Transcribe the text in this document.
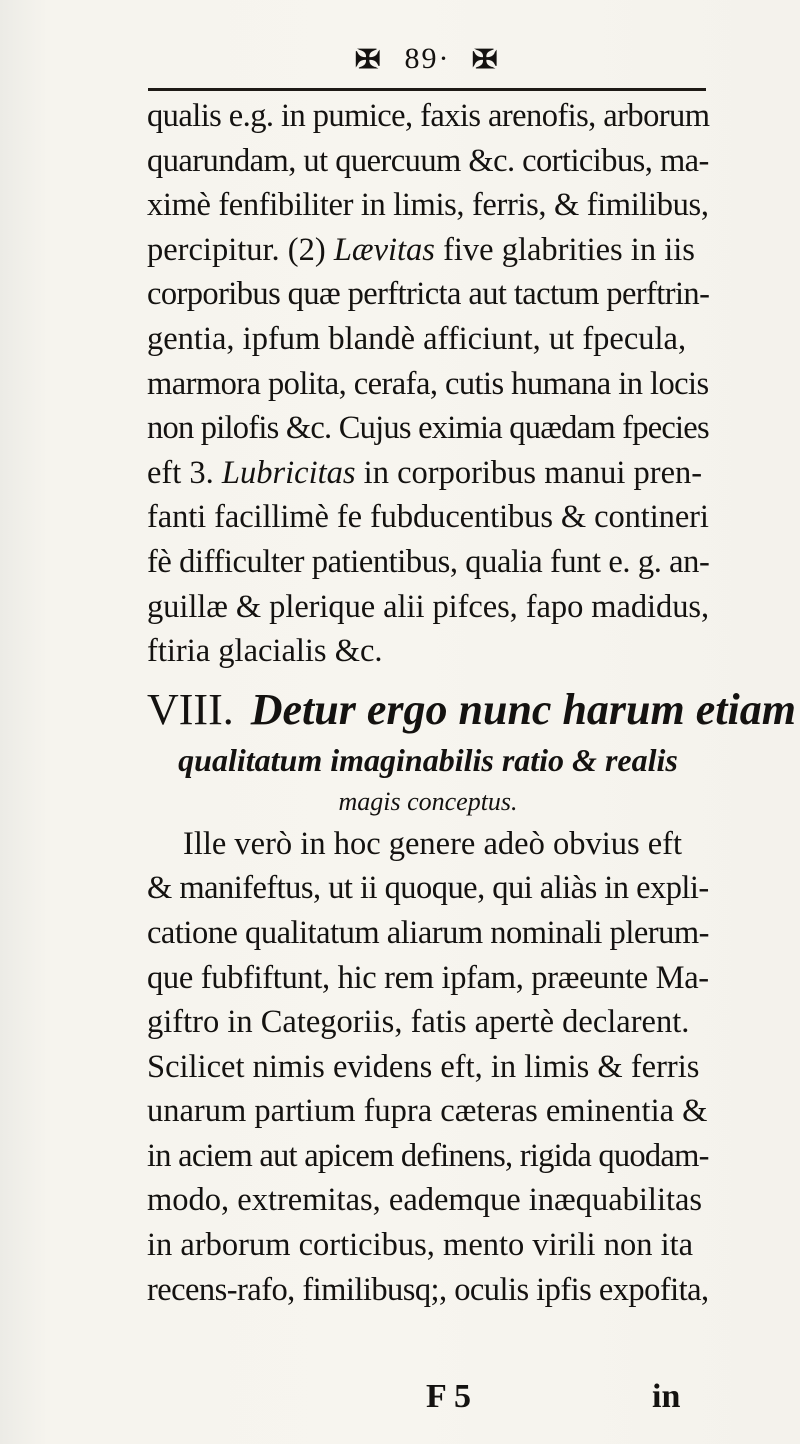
✠ 89· ✠
qualis e.g. in pumice, faxis arenofis, arborum
quarundam, ut quercuum &c. corticibus, ma-
ximè fenfibiliter in limis, ferris, & fimilibus,
percipitur. (2) Lævitas five glabrities in iis
corporibus quæ perftricta aut tactum perftrin-
gentia, ipfum blandè afficiunt, ut fpecula,
marmora polita, cerafa, cutis humana in locis
non pilofis &c. Cujus eximia quædam fpecies
eft 3. Lubricitas in corporibus manui pren-
fanti facillimè fe fubducentibus & contineri
fè difficulter patientibus, qualia funt e. g. an-
guillæ & plerique alii pifces, fapo madidus,
ftiria glacialis &c.
VIII. Detur ergo nunc harum etiam
qualitatum imaginabilis ratio & realis
magis conceptus.
Ille verò in hoc genere adeò obvius eft
& manifeftus, ut ii quoque, qui aliàs in expli-
catione qualitatum aliarum nominali plerum-
que fubfiftunt, hic rem ipfam, præeunte Ma-
giftro in Categoriis, fatis apertè declarent.
Scilicet nimis evidens eft, in limis & ferris
unarum partium fupra cæteras eminentia &
in aciem aut apicem definens, rigida quodam-
modo, extremitas, eademque inæquabilitas
in arborum corticibus, mento virili non ita
recens-rafo, fimilibusq;, oculis ipfis expofita,
F 5	in
